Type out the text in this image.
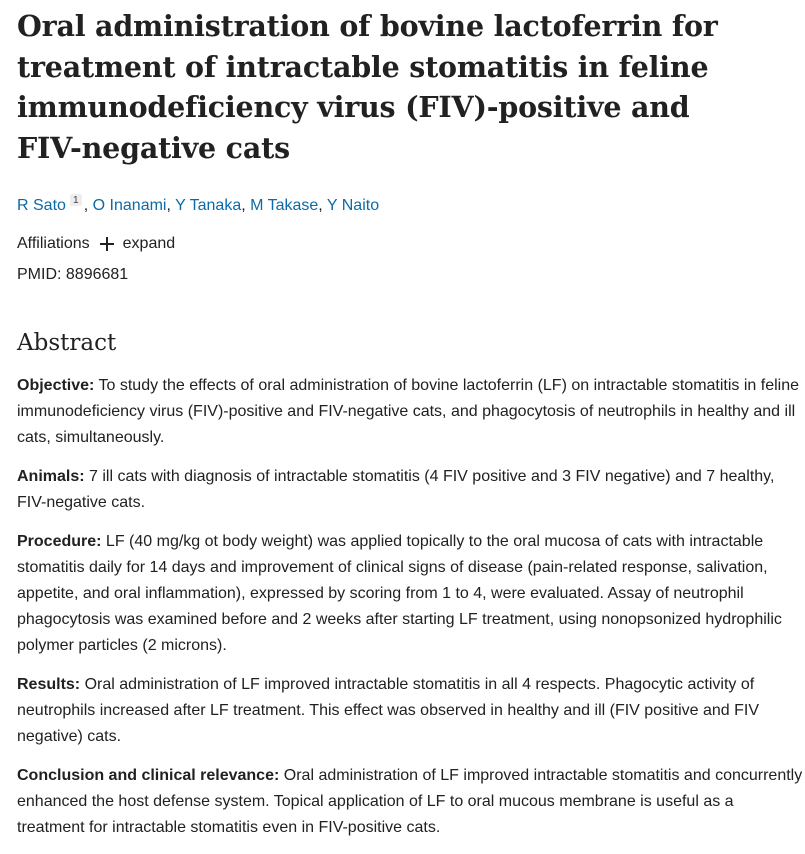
Oral administration of bovine lactoferrin for treatment of intractable stomatitis in feline immunodeficiency virus (FIV)-positive and FIV-negative cats
R Sato $^1$ , O Inanami, Y Tanaka, M Takase, Y Naito
Affiliations expand
PMID: 8896681
Abstract

Objective: To study the effects of oral administration of bovine lactoferrin (LF) on intractable stomatitis in feline immunodeficiency virus (FIV)-positive and FIV-negative cats, and phagocytosis of neutrophils in healthy and ill cats, simultaneously.

Animals: 7 ill cats with diagnosis of intractable stomatitis (4 FIV positive and 3 FIV negative) and 7 healthy, FIV-negative cats.

Procedure: LF (40 mg/kg ot body weight) was applied topically to the oral mucosa of cats with intractable stomatitis daily for 14 days and improvement of clinical signs of disease (pain-related response, salivation, appetite, and oral inflammation), expressed by scoring from 1 to 4, were evaluated. Assay of neutrophil phagocytosis was examined before and 2 weeks after starting LF treatment, using nonopsonized hydrophilic polymer particles (2 microns).

Results: Oral administration of LF improved intractable stomatitis in all 4 respects. Phagocytic activity of neutrophils increased after LF treatment. This effect was observed in healthy and ill (FIV positive and FIV negative) cats.

Conclusion and clinical relevance: Oral administration of LF improved intractable stomatitis and concurrently enhanced the host defense system. Topical application of LF to oral mucous membrane is useful as a treatment for intractable stomatitis even in FIV-positive cats.
